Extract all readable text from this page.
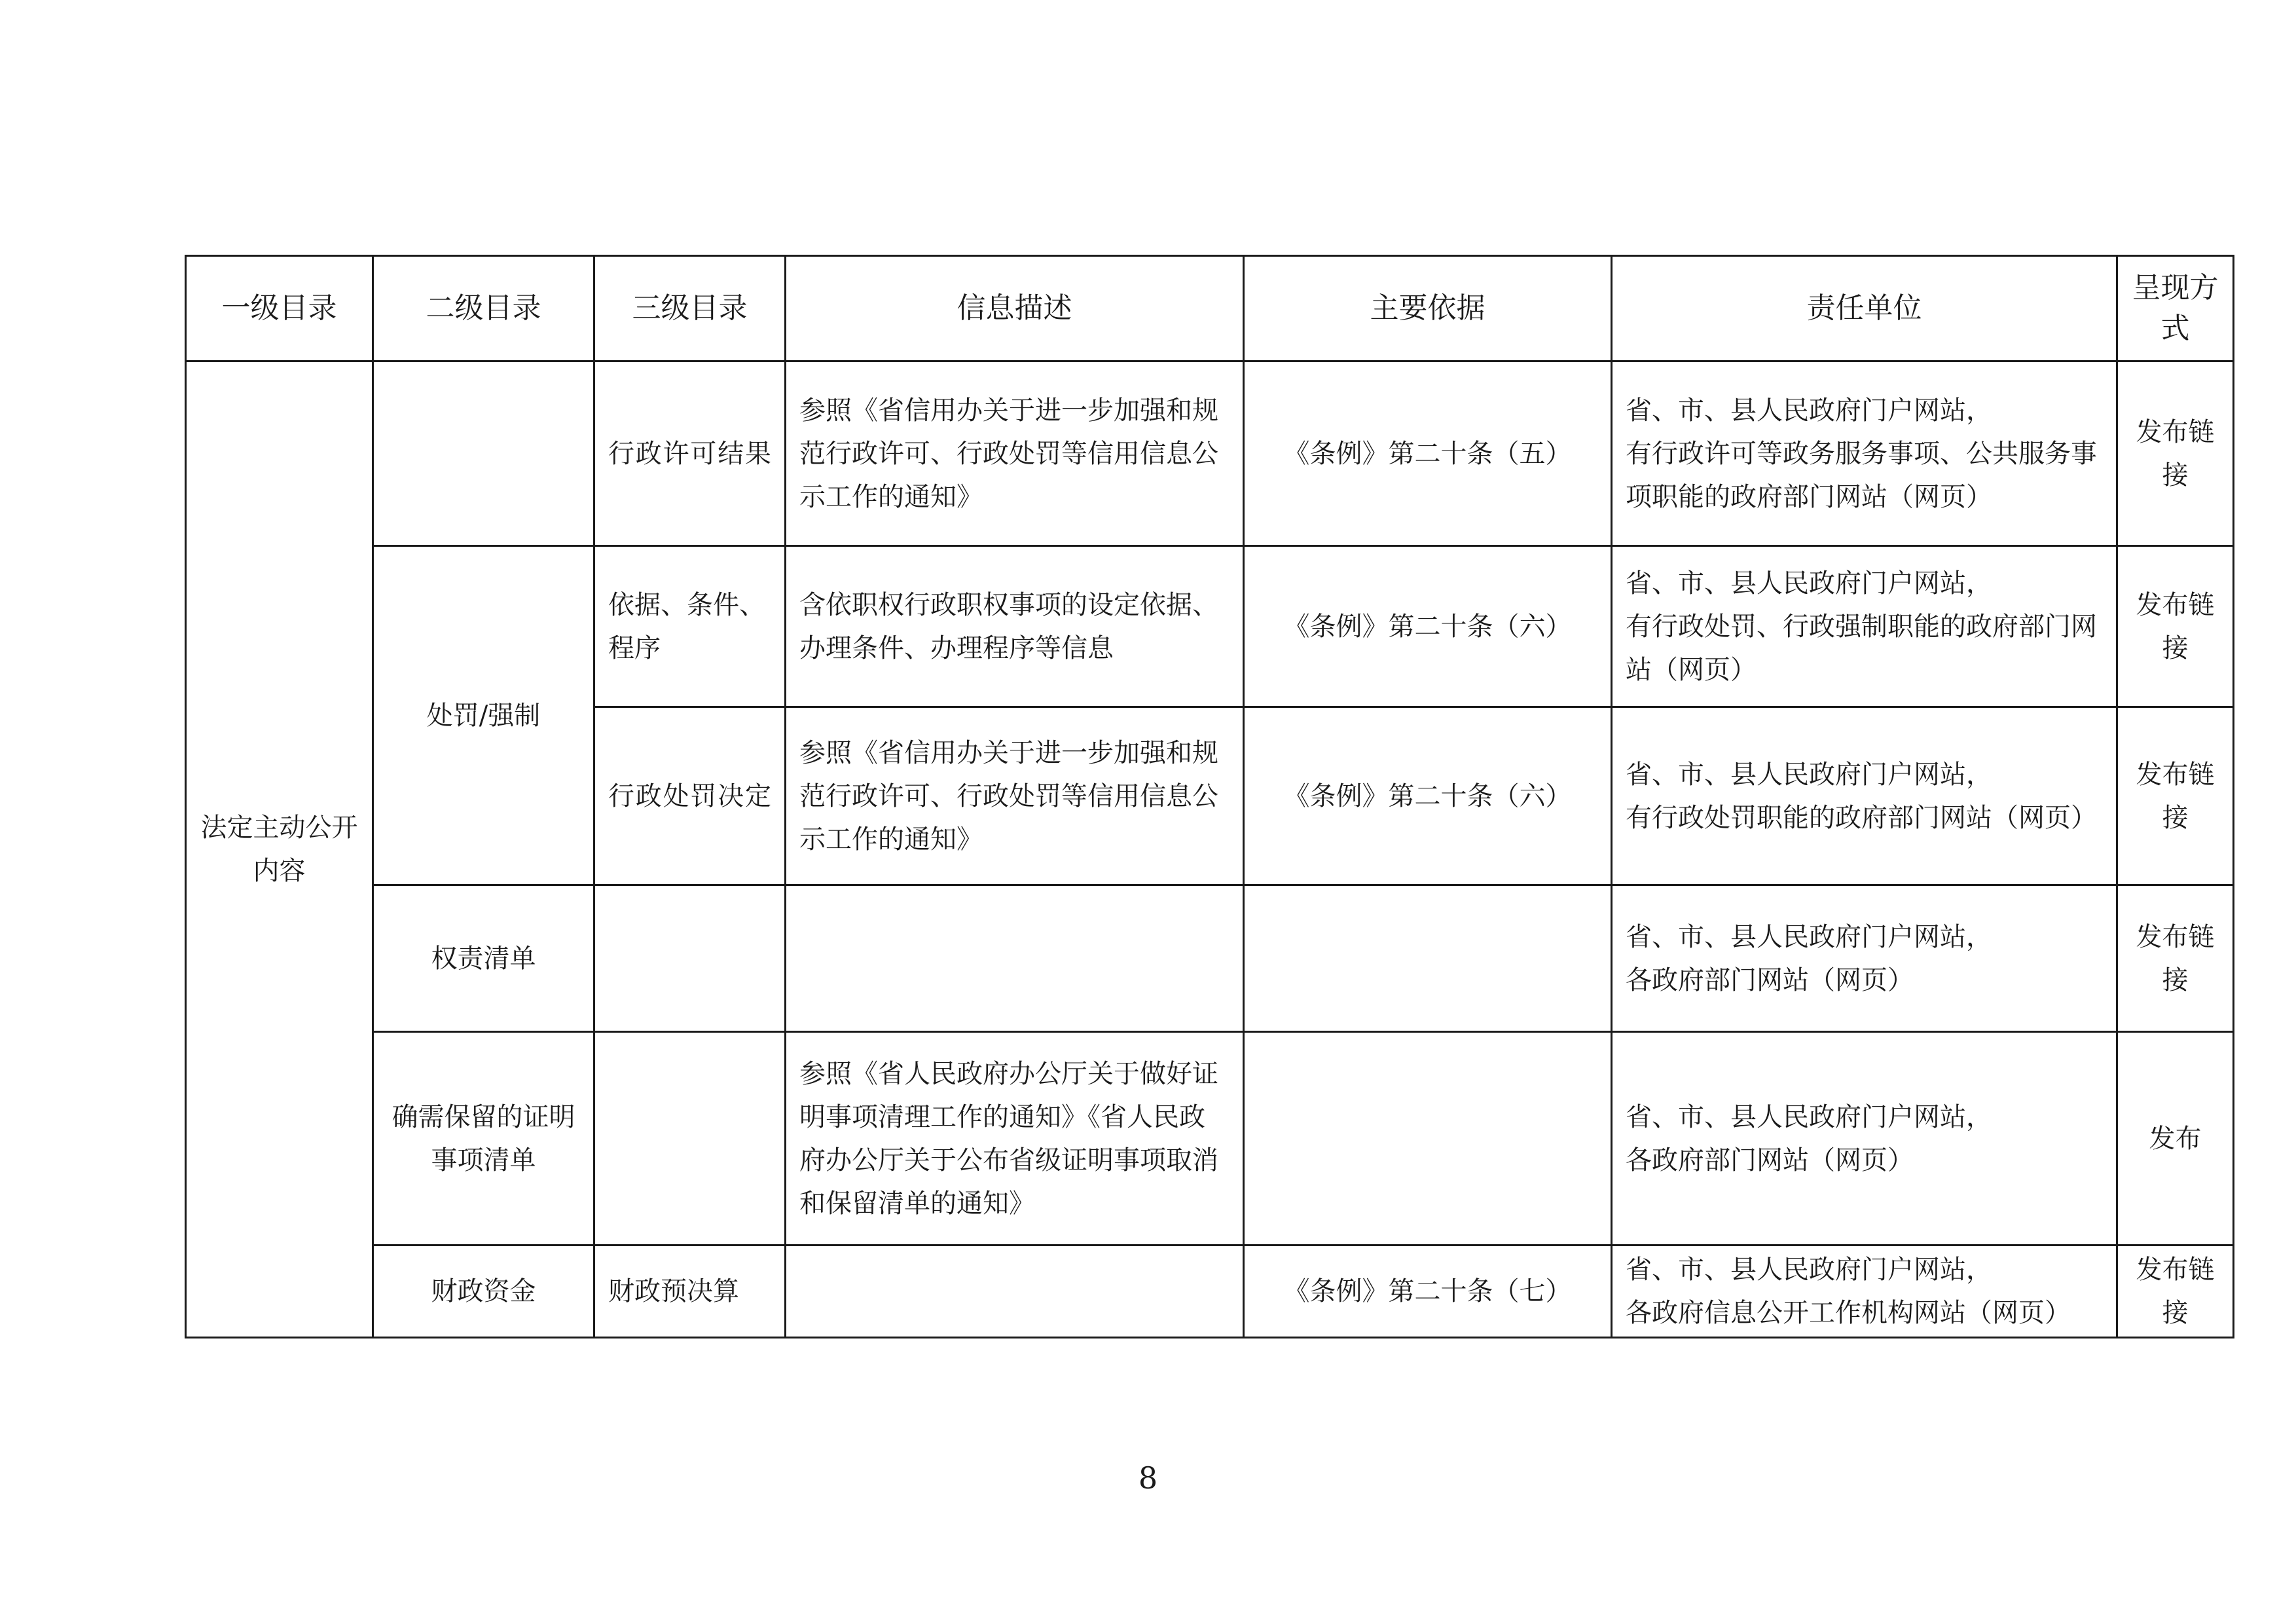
一级目录	二级目录	三级目录	信息描述	主要依据	责任单位	呈现方式
法定主动公开内容		行政许可结果	参照《省信用办关于进一步加强和规范行政许可、行政处罚等信用信息公示工作的通知》	《条例》第二十条（五）	省、市、县人民政府门户网站，
有行政许可等政务服务事项、公共服务事项职能的政府部门网站（网页）	发布链接
	处罚/强制	依据、条件、程序	含依职权行政职权事项的设定依据、办理条件、办理程序等信息	《条例》第二十条（六）	省、市、县人民政府门户网站，
有行政处罚、行政强制职能的政府部门网站（网页）	发布链接
		行政处罚决定	参照《省信用办关于进一步加强和规范行政许可、行政处罚等信用信息公示工作的通知》	《条例》第二十条（六）	省、市、县人民政府门户网站，
有行政处罚职能的政府部门网站（网页）	发布链接
	权责清单				省、市、县人民政府门户网站，
各政府部门网站（网页）	发布链接
	确需保留的证明事项清单		参照《省人民政府办公厅关于做好证明事项清理工作的通知》《省人民政府办公厅关于公布省级证明事项取消和保留清单的通知》		省、市、县人民政府门户网站，
各政府部门网站（网页）	发布
	财政资金	财政预决算		《条例》第二十条（七）	省、市、县人民政府门户网站，
各政府信息公开工作机构网站（网页）	发布链接
8
